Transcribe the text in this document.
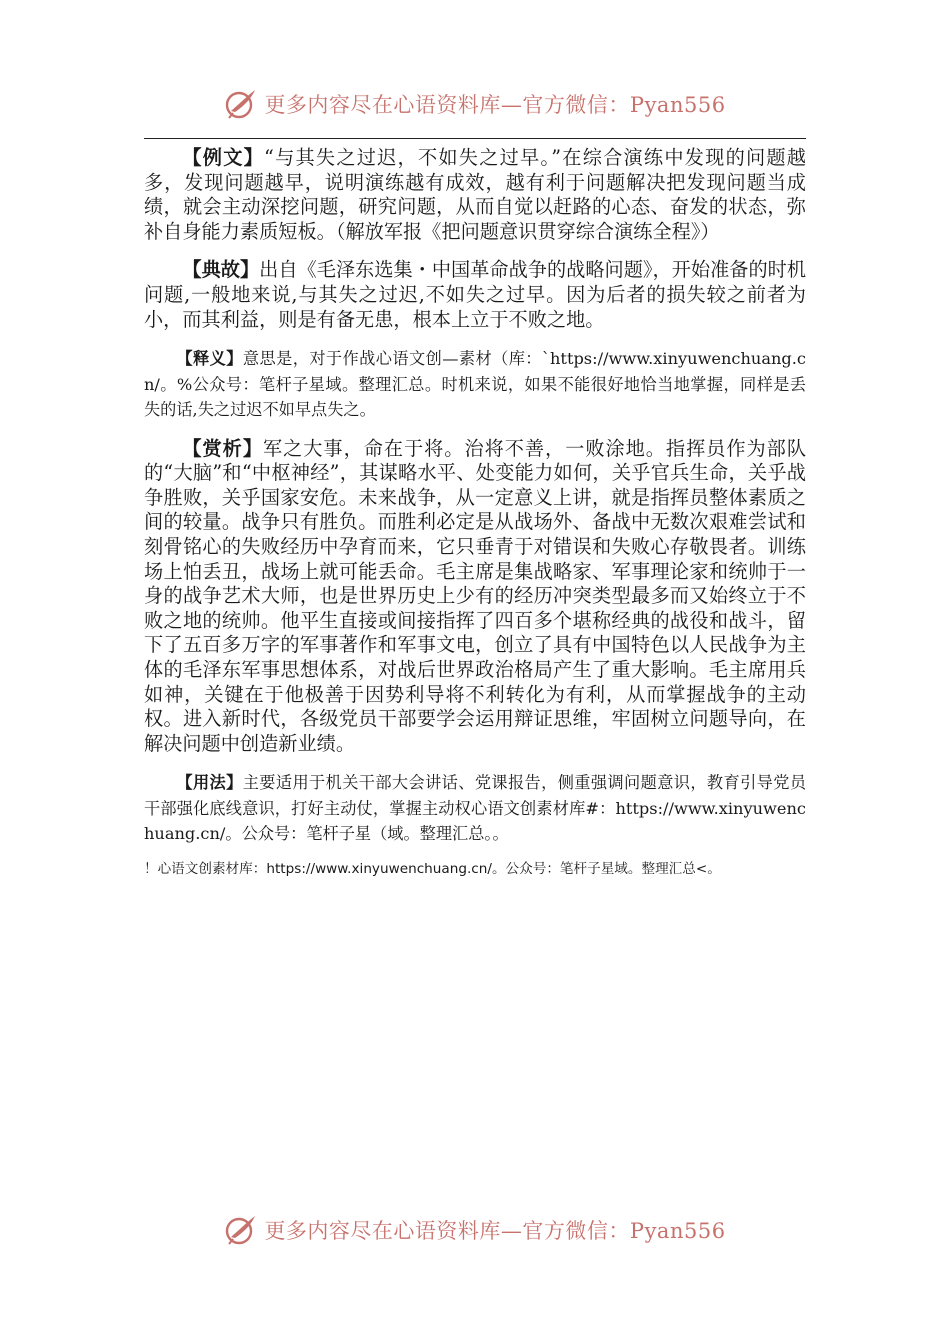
更多内容尽在心语资料库—官方微信：Pyan556

【例文】“与其失之过迟，不如失之过早。”在综合演练中发现的问题越多，发现问题越早，说明演练越有成效，越有利于问题解决把发现问题当成绩，就会主动深挖问题，研究问题，从而自觉以赶路的心态、奋发的状态，弥补自身能力素质短板。（解放军报《把问题意识贯穿综合演练全程》）

【典故】出自《毛泽东选集・中国革命战争的战略问题》，开始准备的时机问题,一般地来说,与其失之过迟,不如失之过早。因为后者的损失较之前者为小，而其利益，则是有备无患，根本上立于不败之地。

【释义】意思是，对于作战心语文创—素材（库：`https://www.xinyuwenchuang.cn/。%公众号：笔杆子星域。整理汇总。时机来说，如果不能很好地恰当地掌握，同样是丢失的话,失之过迟不如早点失之。

【赏析】军之大事，命在于将。治将不善，一败涂地。指挥员作为部队的“大脑”和“中枢神经”，其谋略水平、处变能力如何，关乎官兵生命，关乎战争胜败，关乎国家安危。未来战争，从一定意义上讲，就是指挥员整体素质之间的较量。战争只有胜负。而胜利必定是从战场外、备战中无数次艰难尝试和刻骨铭心的失败经历中孕育而来，它只垂青于对错误和失败心存敬畏者。训练场上怕丢丑，战场上就可能丢命。毛主席是集战略家、军事理论家和统帅于一身的战争艺术大师，也是世界历史上少有的经历冲突类型最多而又始终立于不败之地的统帅。他平生直接或间接指挥了四百多个堪称经典的战役和战斗，留下了五百多万字的军事著作和军事文电，创立了具有中国特色以人民战争为主体的毛泽东军事思想体系，对战后世界政治格局产生了重大影响。毛主席用兵如神，关键在于他极善于因势利导将不利转化为有利，从而掌握战争的主动权。进入新时代，各级党员干部要学会运用辩证思维，牢固树立问题导向，在解决问题中创造新业绩。

【用法】主要适用于机关干部大会讲话、党课报告，侧重强调问题意识，教育引导党员干部强化底线意识，打好主动仗，掌握主动权心语文创素材库#：https://www.xinyuwenchuang.cn/。公众号：笔杆子星（域。整理汇总。。

！心语文创素材库：https://www.xinyuwenchuang.cn/。公众号：笔杆子星域。整理汇总<。

更多内容尽在心语资料库—官方微信：Pyan556
